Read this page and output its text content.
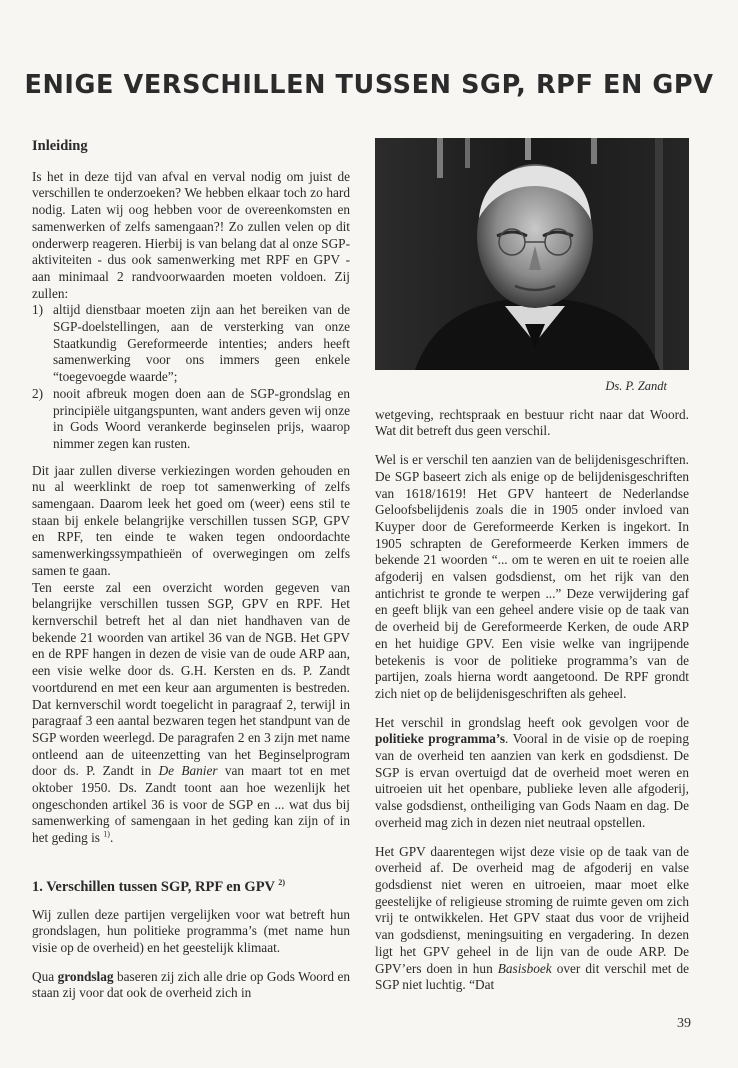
ENIGE VERSCHILLEN TUSSEN SGP, RPF EN GPV
Inleiding

Is het in deze tijd van afval en verval nodig om juist de verschillen te onderzoeken? We hebben elkaar toch zo hard nodig. Laten wij oog hebben voor de overeenkomsten en samenwerken of zelfs samengaan?! Zo zullen velen op dit onderwerp reageren. Hierbij is van belang dat al onze SGP-aktiviteiten - dus ook samenwerking met RPF en GPV - aan minimaal 2 randvoorwaarden moeten voldoen. Zij zullen:

1) altijd dienstbaar moeten zijn aan het bereiken van de SGP-doelstellingen, aan de versterking van onze Staatkundig Gereformeerde intenties; anders heeft samenwerking voor ons immers geen enkele “toegevoegde waarde”;
2) nooit afbreuk mogen doen aan de SGP-grondslag en principiële uitgangspunten, want anders geven wij onze in Gods Woord verankerde beginselen prijs, waarop nimmer zegen kan rusten.

Dit jaar zullen diverse verkiezingen worden gehouden en nu al weerklinkt de roep tot samenwerking of zelfs samengaan. Daarom leek het goed om (weer) eens stil te staan bij enkele belangrijke verschillen tussen SGP, GPV en RPF, ten einde te waken tegen ondoordachte samenwerkingssympathieën of overwegingen om zelfs samen te gaan.

Ten eerste zal een overzicht worden gegeven van belangrijke verschillen tussen SGP, GPV en RPF. Het kernverschil betreft het al dan niet handhaven van de bekende 21 woorden van artikel 36 van de NGB. Het GPV en de RPF hangen in dezen de visie van de oude ARP aan, een visie welke door ds. G.H. Kersten en ds. P. Zandt voortdurend en met een keur aan argumenten is bestreden. Dat kernverschil wordt toegelicht in paragraaf 2, terwijl in paragraaf 3 een aantal bezwaren tegen het standpunt van de SGP worden weerlegd. De paragrafen 2 en 3 zijn met name ontleend aan de uiteenzetting van het Beginselprogram door ds. P. Zandt in De Banier van maart tot en met oktober 1950. Ds. Zandt toont aan hoe wezenlijk het ongeschonden artikel 36 is voor de SGP en ... wat dus bij samenwerking of samengaan in het geding kan zijn of in het geding is $^{1)}$.

1. Verschillen tussen SGP, RPF en GPV $^{2)}$

Wij zullen deze partijen vergelijken voor wat betreft hun grondslagen, hun politieke programma’s (met name hun visie op de overheid) en het geestelijk klimaat.

Qua grondslag baseren zij zich alle drie op Gods Woord en staan zij voor dat ook de overheid zich in

Ds. P. Zandt

wetgeving, rechtspraak en bestuur richt naar dat Woord. Wat dit betreft dus geen verschil.

Wel is er verschil ten aanzien van de belijdenisgeschriften. De SGP baseert zich als enige op de belijdenisgeschriften van 1618/1619! Het GPV hanteert de Nederlandse Geloofsbelijdenis zoals die in 1905 onder invloed van Kuyper door de Gereformeerde Kerken is ingekort. In 1905 schrapten de Gereformeerde Kerken immers de bekende 21 woorden “... om te weren en uit te roeien alle afgoderij en valsen godsdienst, om het rijk van den antichrist te gronde te werpen ...” Deze verwijdering gaf en geeft blijk van een geheel andere visie op de taak van de overheid bij de Gereformeerde Kerken, de oude ARP en het huidige GPV. Een visie welke van ingrijpende betekenis is voor de politieke programma’s van de partijen, zoals hierna wordt aangetoond. De RPF grondt zich niet op de belijdenisgeschriften als geheel.

Het verschil in grondslag heeft ook gevolgen voor de politieke programma’s. Vooral in de visie op de roeping van de overheid ten aanzien van kerk en godsdienst. De SGP is ervan overtuigd dat de overheid moet weren en uitroeien uit het openbare, publieke leven alle afgoderij, valse godsdienst, ontheiliging van Gods Naam en dag. De overheid mag zich in dezen niet neutraal opstellen.

Het GPV daarentegen wijst deze visie op de taak van de overheid af. De overheid mag de afgoderij en valse godsdienst niet weren en uitroeien, maar moet elke geestelijke of religieuse stroming de ruimte geven om zich vrij te ontwikkelen. Het GPV staat dus voor de vrijheid van godsdienst, meningsuiting en vergadering. In dezen ligt het GPV geheel in de lijn van de oude ARP. De GPV’ers doen in hun Basisboek over dit verschil met de SGP niet luchtig. “Dat

39
